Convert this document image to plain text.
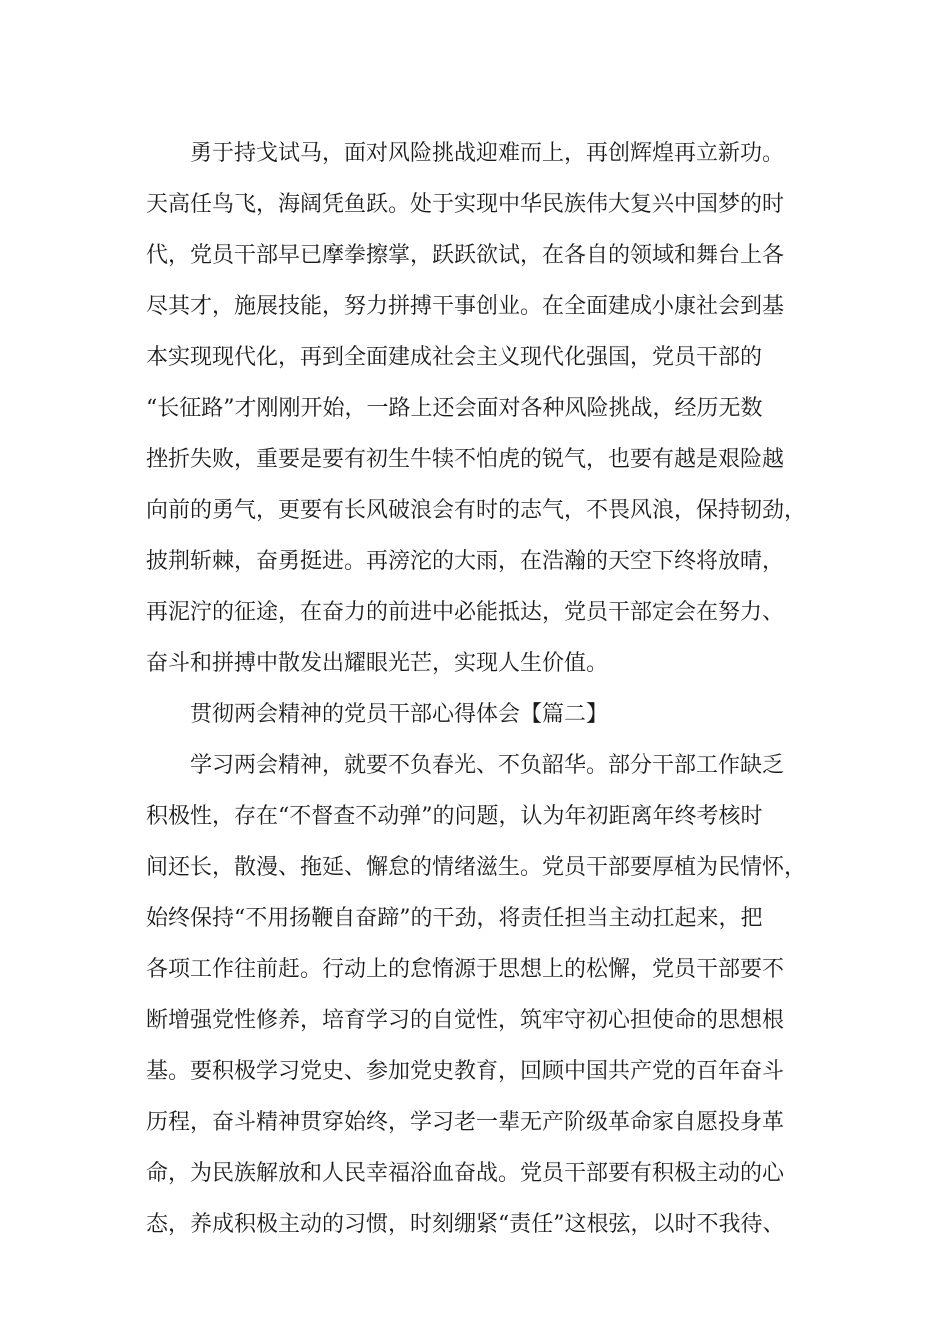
勇于持戈试马，面对风险挑战迎难而上，再创辉煌再立新功。
天高任鸟飞，海阔凭鱼跃。处于实现中华民族伟大复兴中国梦的时
代，党员干部早已摩拳擦掌，跃跃欲试，在各自的领域和舞台上各
尽其才，施展技能，努力拼搏干事创业。在全面建成小康社会到基
本实现现代化，再到全面建成社会主义现代化强国，党员干部的
“长征路”才刚刚开始，一路上还会面对各种风险挑战，经历无数
挫折失败，重要是要有初生牛犊不怕虎的锐气，也要有越是艰险越
向前的勇气，更要有长风破浪会有时的志气，不畏风浪，保持韧劲，
披荆斩棘，奋勇挺进。再滂沱的大雨，在浩瀚的天空下终将放晴，
再泥泞的征途，在奋力的前进中必能抵达，党员干部定会在努力、
奋斗和拼搏中散发出耀眼光芒，实现人生价值。
贯彻两会精神的党员干部心得体会【篇二】
学习两会精神，就要不负春光、不负韶华。部分干部工作缺乏
积极性，存在“不督查不动弹”的问题，认为年初距离年终考核时
间还长，散漫、拖延、懈怠的情绪滋生。党员干部要厚植为民情怀，
始终保持“不用扬鞭自奋蹄”的干劲，将责任担当主动扛起来，把
各项工作往前赶。行动上的怠惰源于思想上的松懈，党员干部要不
断增强党性修养，培育学习的自觉性，筑牢守初心担使命的思想根
基。要积极学习党史、参加党史教育，回顾中国共产党的百年奋斗
历程，奋斗精神贯穿始终，学习老一辈无产阶级革命家自愿投身革
命，为民族解放和人民幸福浴血奋战。党员干部要有积极主动的心
态，养成积极主动的习惯，时刻绷紧“责任”这根弦，以时不我待、
